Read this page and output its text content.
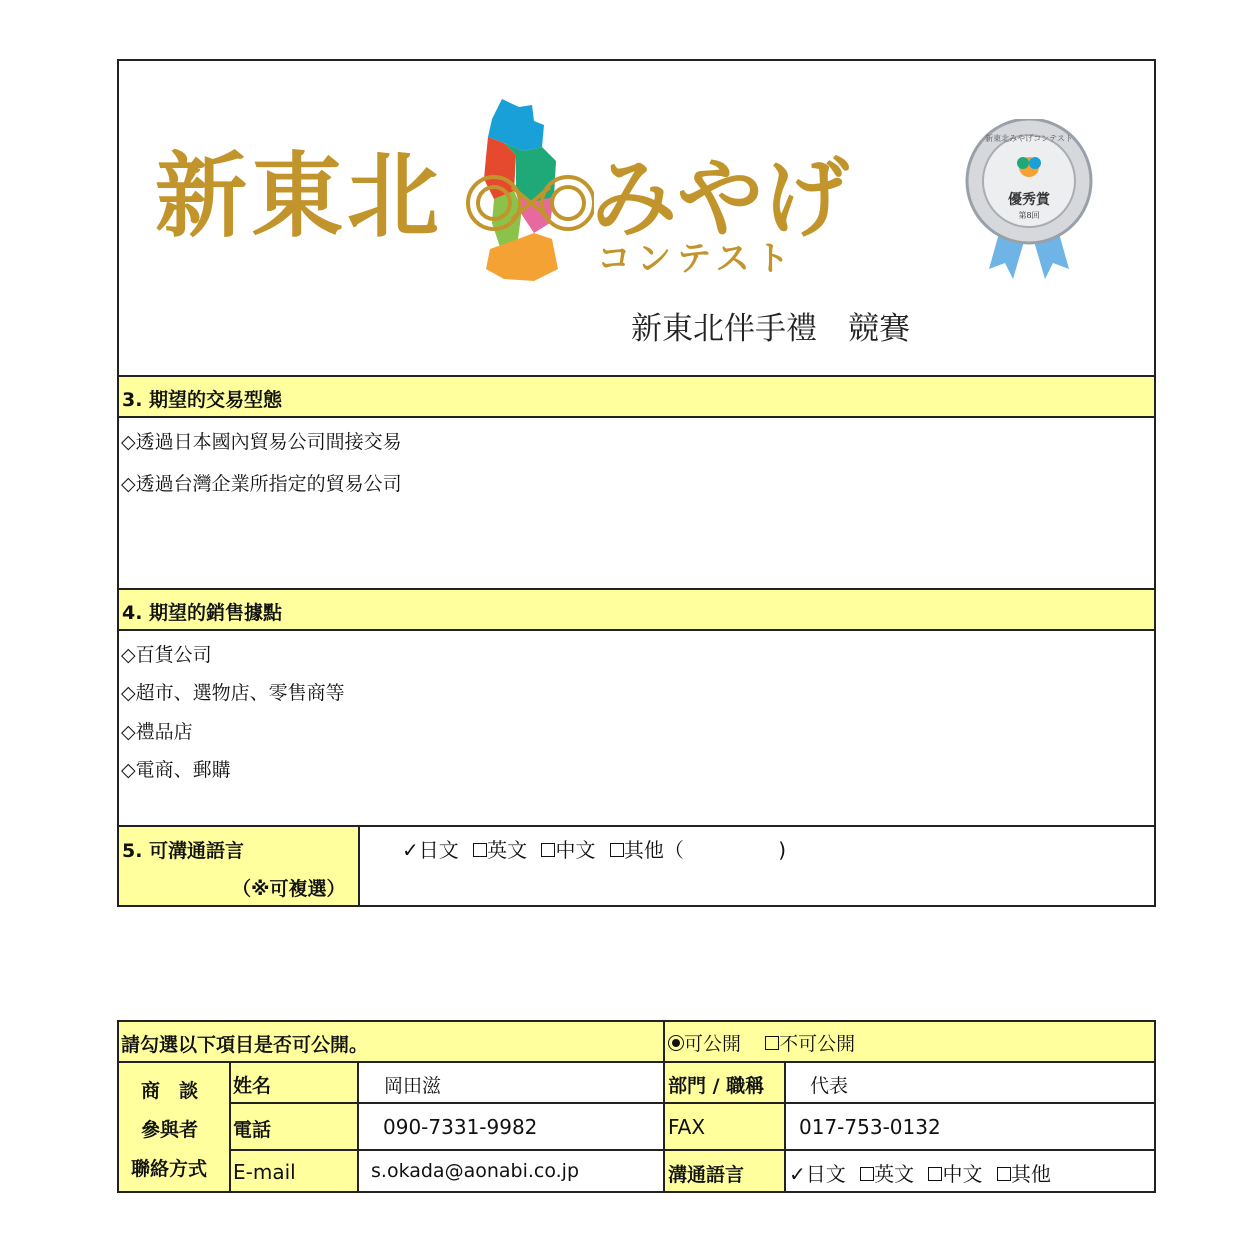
新東北 みやげ
コンテスト
新東北みやげコンテスト
優秀賞
第8回
新東北伴手禮　競賽
3. 期望的交易型態
◇透過日本國內貿易公司間接交易
◇透過台灣企業所指定的貿易公司
4. 期望的銷售據點
◇百貨公司
◇超市、選物店、零售商等
◇禮品店
◇電商、郵購
5. 可溝通語言
（※可複選）
✓日文 英文 中文 其他（	)
請勾選以下項目是否可公開。	可公開 不可公開
商　談
參與者
聯絡方式
姓名	岡田滋	部門 / 職稱 代表
電話	090-7331-9982	FAX	017-753-0132
E-mail	s.okada@aonabi.co.jp	溝通語言 ✓日文 英文 中文 其他
